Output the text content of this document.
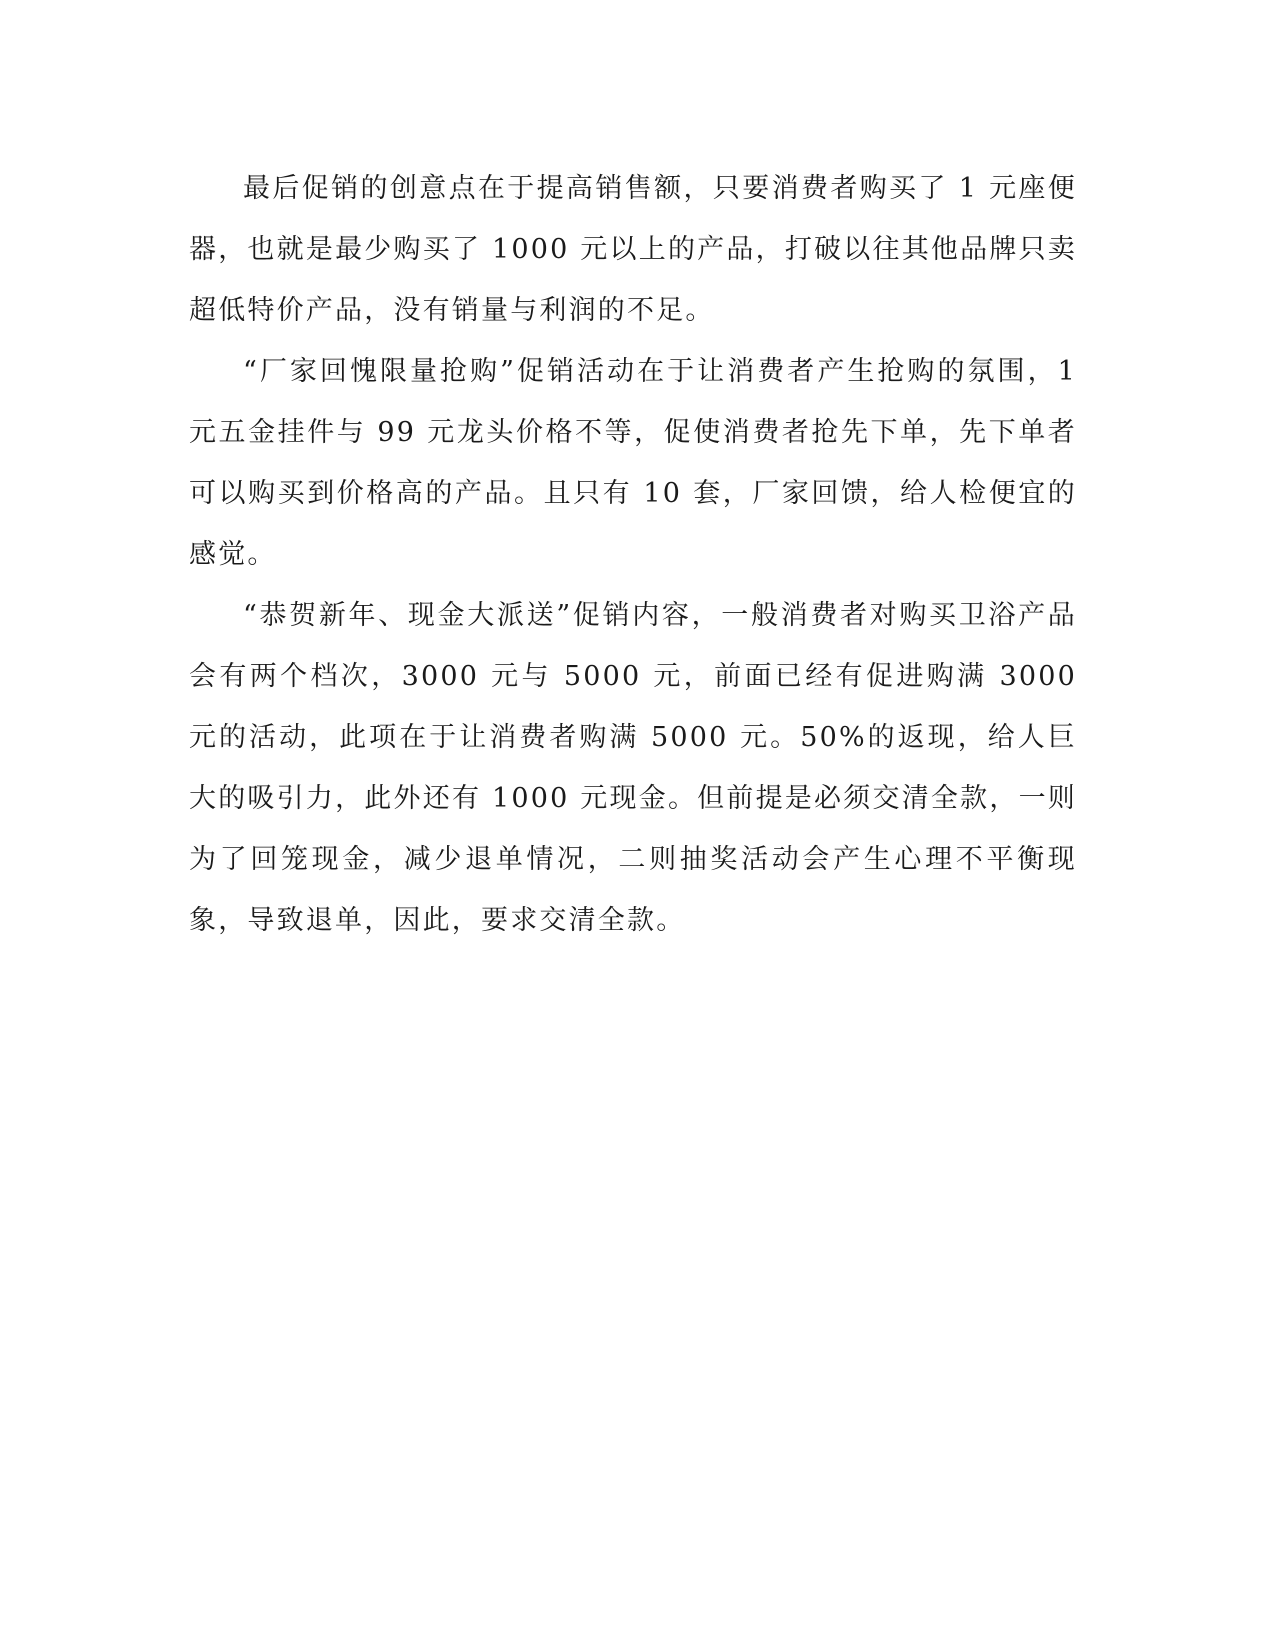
最后促销的创意点在于提高销售额，只要消费者购买了 1 元座便器，也就是最少购买了 1000 元以上的产品，打破以往其他品牌只卖超低特价产品，没有销量与利润的不足。

“厂家回愧限量抢购”促销活动在于让消费者产生抢购的氛围，1 元五金挂件与 99 元龙头价格不等，促使消费者抢先下单，先下单者可以购买到价格高的产品。且只有 10 套，厂家回馈，给人检便宜的感觉。

“恭贺新年、现金大派送”促销内容，一般消费者对购买卫浴产品会有两个档次，3000 元与 5000 元，前面已经有促进购满 3000 元的活动，此项在于让消费者购满 5000 元。50%的返现，给人巨大的吸引力，此外还有 1000 元现金。但前提是必须交清全款，一则为了回笼现金，减少退单情况，二则抽奖活动会产生心理不平衡现象，导致退单，因此，要求交清全款。
